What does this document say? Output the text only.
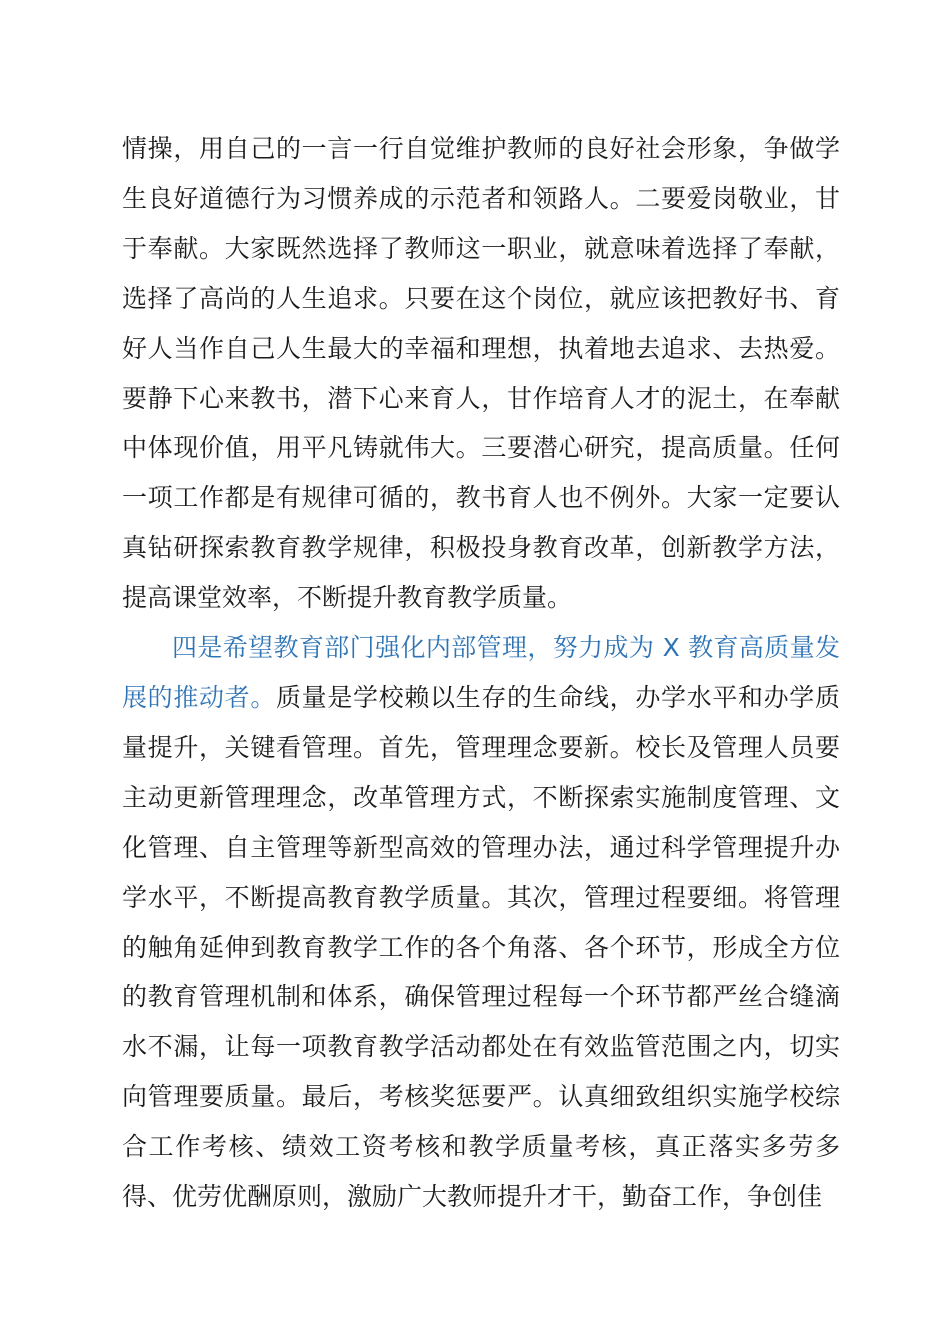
情操，用自己的一言一行自觉维护教师的良好社会形象，争做学生良好道德行为习惯养成的示范者和领路人。二要爱岗敬业，甘于奉献。大家既然选择了教师这一职业，就意味着选择了奉献，选择了高尚的人生追求。只要在这个岗位，就应该把教好书、育好人当作自己人生最大的幸福和理想，执着地去追求、去热爱。要静下心来教书，潜下心来育人，甘作培育人才的泥土，在奉献中体现价值，用平凡铸就伟大。三要潜心研究，提高质量。任何一项工作都是有规律可循的，教书育人也不例外。大家一定要认真钻研探索教育教学规律，积极投身教育改革，创新教学方法，提高课堂效率，不断提升教育教学质量。

四是希望教育部门强化内部管理，努力成为 X 教育高质量发展的推动者。质量是学校赖以生存的生命线，办学水平和办学质量提升，关键看管理。首先，管理理念要新。校长及管理人员要主动更新管理理念，改革管理方式，不断探索实施制度管理、文化管理、自主管理等新型高效的管理办法，通过科学管理提升办学水平，不断提高教育教学质量。其次，管理过程要细。将管理的触角延伸到教育教学工作的各个角落、各个环节，形成全方位的教育管理机制和体系，确保管理过程每一个环节都严丝合缝滴水不漏，让每一项教育教学活动都处在有效监管范围之内，切实向管理要质量。最后，考核奖惩要严。认真细致组织实施学校综合工作考核、绩效工资考核和教学质量考核，真正落实多劳多得、优劳优酬原则，激励广大教师提升才干，勤奋工作，争创佳
